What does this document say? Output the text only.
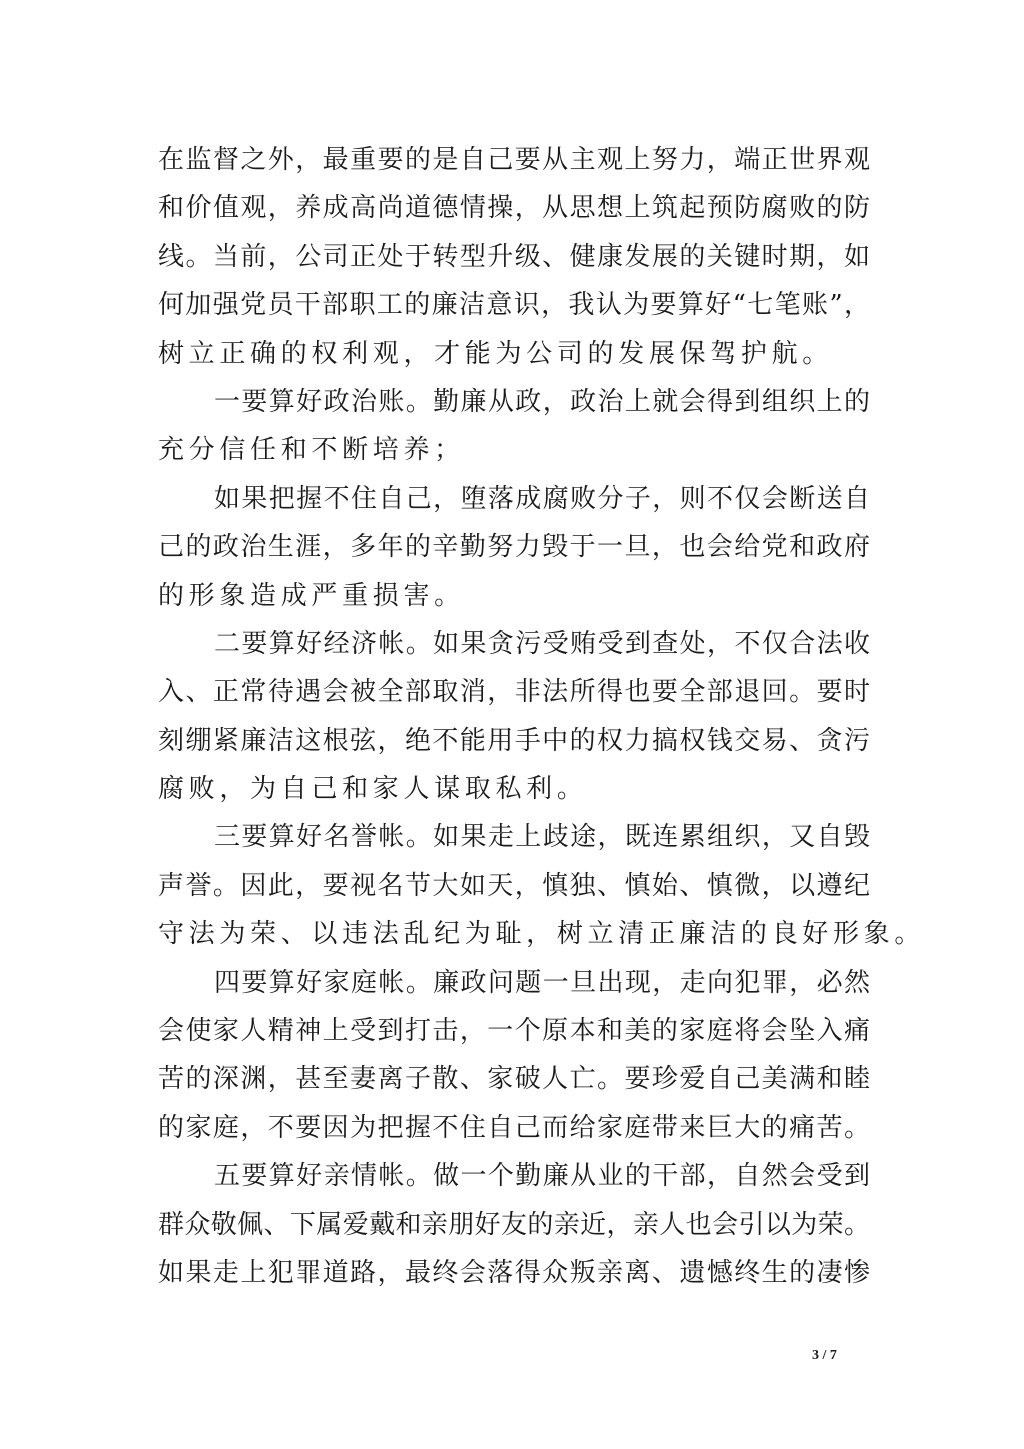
在监督之外，最重要的是自己要从主观上努力，端正世界观
和价值观，养成高尚道德情操，从思想上筑起预防腐败的防
线。当前，公司正处于转型升级、健康发展的关键时期，如
何加强党员干部职工的廉洁意识，我认为要算好“七笔账”，
树立正确的权利观，才能为公司的发展保驾护航。
一要算好政治账。勤廉从政，政治上就会得到组织上的
充分信任和不断培养；
如果把握不住自己，堕落成腐败分子，则不仅会断送自
己的政治生涯，多年的辛勤努力毁于一旦，也会给党和政府
的形象造成严重损害。
二要算好经济帐。如果贪污受贿受到查处，不仅合法收
入、正常待遇会被全部取消，非法所得也要全部退回。要时
刻绷紧廉洁这根弦，绝不能用手中的权力搞权钱交易、贪污
腐败，为自己和家人谋取私利。
三要算好名誉帐。如果走上歧途，既连累组织，又自毁
声誉。因此，要视名节大如天，慎独、慎始、慎微，以遵纪
守法为荣、以违法乱纪为耻，树立清正廉洁的良好形象。
四要算好家庭帐。廉政问题一旦出现，走向犯罪，必然
会使家人精神上受到打击，一个原本和美的家庭将会坠入痛
苦的深渊，甚至妻离子散、家破人亡。要珍爱自己美满和睦
的家庭，不要因为把握不住自己而给家庭带来巨大的痛苦。
五要算好亲情帐。做一个勤廉从业的干部，自然会受到
群众敬佩、下属爱戴和亲朋好友的亲近，亲人也会引以为荣。
如果走上犯罪道路，最终会落得众叛亲离、遗憾终生的凄惨
3 / 7
